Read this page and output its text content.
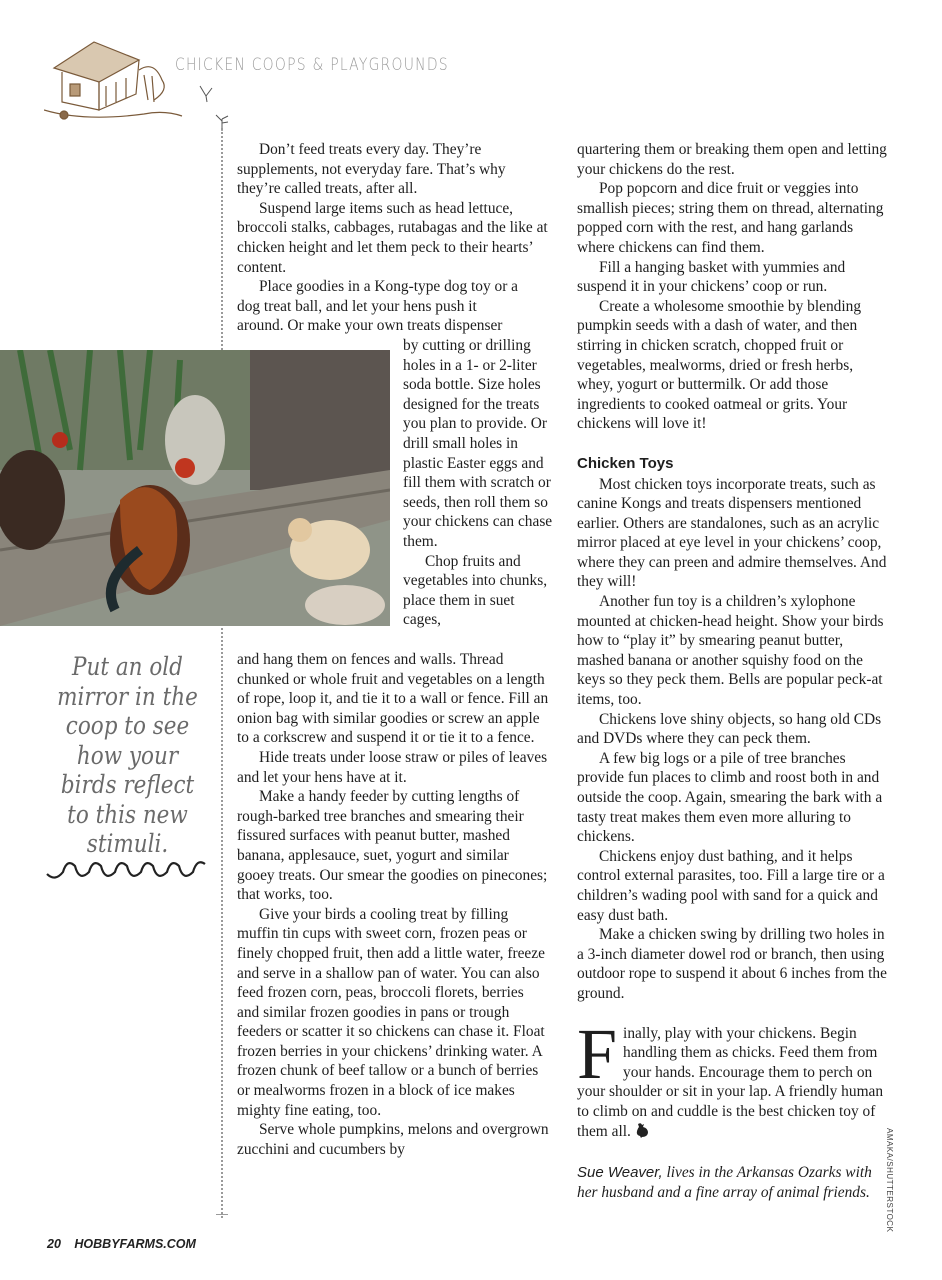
CHICKEN COOPS & PLAYGROUNDS

Don’t feed treats every day. They’re supplements, not everyday fare. That’s why they’re called treats, after all.

Suspend large items such as head lettuce, broccoli stalks, cabbages, rutabagas and the like at chicken height and let them peck to their hearts’ content.

Place goodies in a Kong-type dog toy or a dog treat ball, and let your hens push it around. Or make your own treats dispenser

by cutting or drilling holes in a 1- or 2-liter soda bottle. Size holes designed for the treats you plan to provide. Or drill small holes in plastic Easter eggs and fill them with scratch or seeds, then roll them so your chickens can chase them.

Chop fruits and vegetables into chunks, place them in suet cages,

and hang them on fences and walls. Thread chunked or whole fruit and vegetables on a length of rope, loop it, and tie it to a wall or fence. Fill an onion bag with similar goodies or screw an apple to a corkscrew and suspend it or tie it to a fence.

Hide treats under loose straw or piles of leaves and let your hens have at it.

Make a handy feeder by cutting lengths of rough-barked tree branches and smearing their fissured surfaces with peanut butter, mashed banana, applesauce, suet, yogurt and similar gooey treats. Our smear the goodies on pinecones; that works, too.

Give your birds a cooling treat by filling muffin tin cups with sweet corn, frozen peas or finely chopped fruit, then add a little water, freeze and serve in a shallow pan of water. You can also feed frozen corn, peas, broccoli florets, berries and similar frozen goodies in pans or trough feeders or scatter it so chickens can chase it. Float frozen berries in your chickens’ drinking water. A frozen chunk of beef tallow or a bunch of berries or mealworms frozen in a block of ice makes mighty fine eating, too.

Serve whole pumpkins, melons and overgrown zucchini and cucumbers by

Put an old mirror in the coop to see how your birds reflect to this new stimuli.

quartering them or breaking them open and letting your chickens do the rest.

Pop popcorn and dice fruit or veggies into smallish pieces; string them on thread, alternating popped corn with the rest, and hang garlands where chickens can find them.

Fill a hanging basket with yummies and suspend it in your chickens’ coop or run.

Create a wholesome smoothie by blending pumpkin seeds with a dash of water, and then stirring in chicken scratch, chopped fruit or vegetables, mealworms, dried or fresh herbs, whey, yogurt or buttermilk. Or add those ingredients to cooked oatmeal or grits. Your chickens will love it!

Chicken Toys

Most chicken toys incorporate treats, such as canine Kongs and treats dispensers mentioned earlier. Others are standalones, such as an acrylic mirror placed at eye level in your chickens’ coop, where they can preen and admire themselves. And they will!

Another fun toy is a children’s xylophone mounted at chicken-head height. Show your birds how to “play it” by smearing peanut butter, mashed banana or another squishy food on the keys so they peck them. Bells are popular peck-at items, too.

Chickens love shiny objects, so hang old CDs and DVDs where they can peck them.

A few big logs or a pile of tree branches provide fun places to climb and roost both in and outside the coop. Again, smearing the bark with a tasty treat makes them even more alluring to chickens.

Chickens enjoy dust bathing, and it helps control external parasites, too. Fill a large tire or a children’s wading pool with sand for a quick and easy dust bath.

Make a chicken swing by drilling two holes in a 3-inch diameter dowel rod or branch, then using outdoor rope to suspend it about 6 inches from the ground.

Finally, play with your chickens. Begin handling them as chicks. Feed them from your hands. Encourage them to perch on your shoulder or sit in your lap. A friendly human to climb on and cuddle is the best chicken toy of them all.
Sue Weaver, lives in the Arkansas Ozarks with her husband and a fine array of animal friends.	AMAKA/SHUTTERSTOCK
20 HOBBYFARMS.COM
